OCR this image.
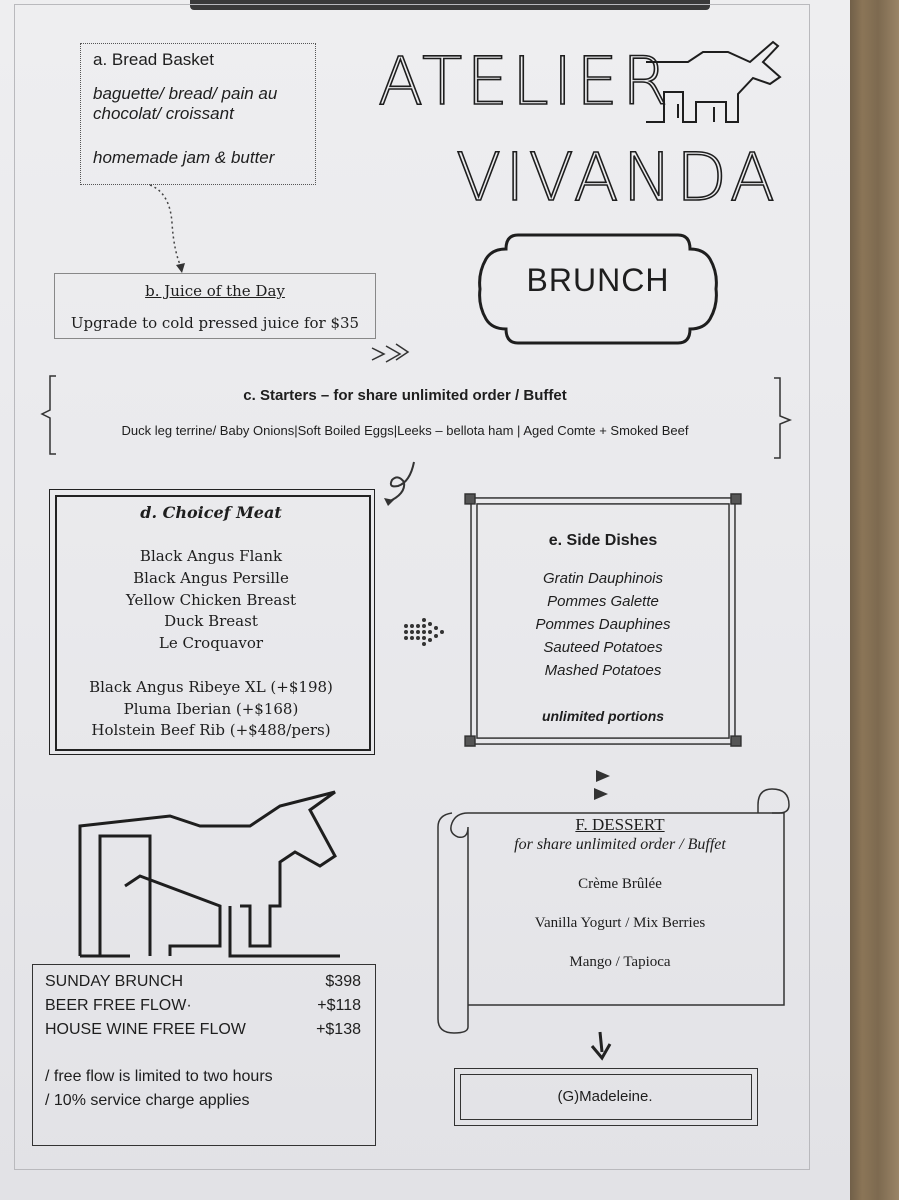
ATELIER
VIVANDA
BRUNCH
a. Bread Basket
baguette/ bread/ pain au chocolat/ croissant
homemade jam & butter
b. Juice of the Day
Upgrade to cold pressed juice for $35
c. Starters – for share unlimited order / Buffet
Duck leg terrine/ Baby Onions|Soft Boiled Eggs|Leeks – bellota ham | Aged Comte + Smoked Beef
d. Choicef Meat
Black Angus Flank
Black Angus Persille
Yellow Chicken Breast
Duck Breast
Le Croquavor
Black Angus Ribeye XL (+$198)
Pluma Iberian (+$168)
Holstein Beef Rib (+$488/pers)
e. Side Dishes
Gratin Dauphinois
Pommes Galette
Pommes Dauphines
Sauteed Potatoes
Mashed Potatoes
unlimited portions
F. DESSERT
for share unlimited order / Buffet
Crème Brûlée
Vanilla Yogurt / Mix Berries
Mango / Tapioca
(G)Madeleine.
SUNDAY BRUNCH	$398
BEER FREE FLOW·	+$118
HOUSE WINE FREE FLOW	+$138
/ free flow is limited to two hours
/ 10% service charge applies
